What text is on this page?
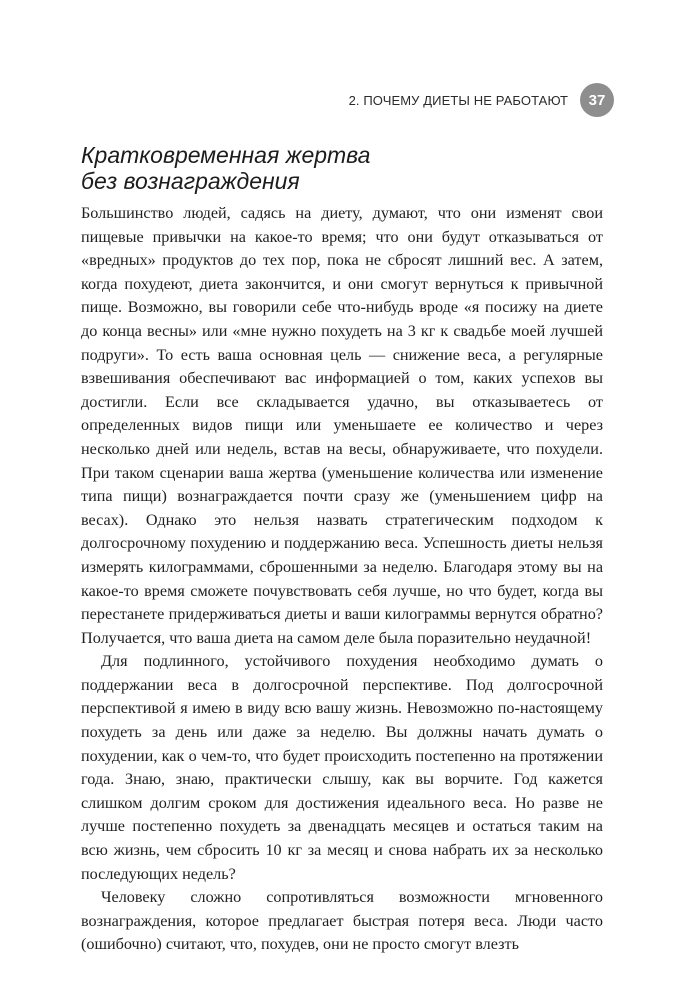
2. ПОЧЕМУ ДИЕТЫ НЕ РАБОТАЮТ	37
Кратковременная жертва
без вознаграждения

Большинство людей, садясь на диету, думают, что они изменят свои пищевые привычки на какое-то время; что они будут отказываться от «вредных» продуктов до тех пор, пока не сбросят лишний вес. А затем, когда похудеют, диета закончится, и они смогут вернуться к привычной пище. Возможно, вы говорили себе что-нибудь вроде «я посижу на диете до конца весны» или «мне нужно похудеть на 3 кг к свадьбе моей лучшей подруги». То есть ваша основная цель — снижение веса, а регулярные взвешивания обеспечивают вас информацией о том, каких успехов вы достигли. Если все складывается удачно, вы отказываетесь от определенных видов пищи или уменьшаете ее количество и через несколько дней или недель, встав на весы, обнаруживаете, что похудели. При таком сценарии ваша жертва (уменьшение количества или изменение типа пищи) вознаграждается почти сразу же (уменьшением цифр на весах). Однако это нельзя назвать стратегическим подходом к долгосрочному похудению и поддержанию веса. Успешность диеты нельзя измерять килограммами, сброшенными за неделю. Благодаря этому вы на какое-то время сможете почувствовать себя лучше, но что будет, когда вы перестанете придерживаться диеты и ваши килограммы вернутся обратно? Получается, что ваша диета на самом деле была поразительно неудачной!

Для подлинного, устойчивого похудения необходимо думать о поддержании веса в долгосрочной перспективе. Под долгосрочной перспективой я имею в виду всю вашу жизнь. Невозможно по-настоящему похудеть за день или даже за неделю. Вы должны начать думать о похудении, как о чем-то, что будет происходить постепенно на протяжении года. Знаю, знаю, практически слышу, как вы ворчите. Год кажется слишком долгим сроком для достижения идеального веса. Но разве не лучше постепенно похудеть за двенадцать месяцев и остаться таким на всю жизнь, чем сбросить 10 кг за месяц и снова набрать их за несколько последующих недель?

Человеку сложно сопротивляться возможности мгновенного вознаграждения, которое предлагает быстрая потеря веса. Люди часто (ошибочно) считают, что, похудев, они не просто смогут влезть
